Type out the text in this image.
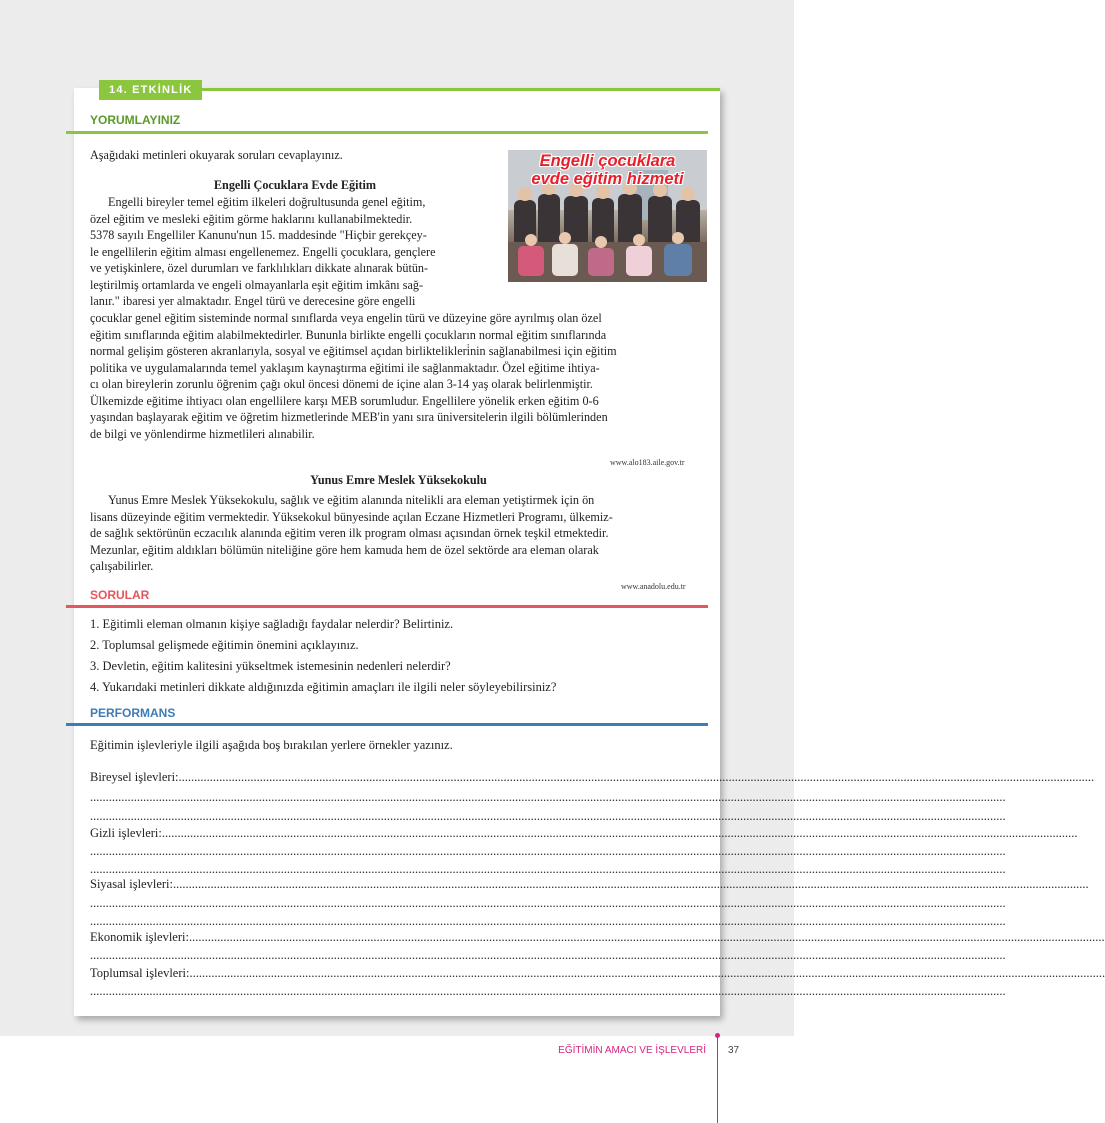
14. ETKİNLİK
YORUMLAYINIZ
Aşağıdaki metinleri okuyarak soruları cevaplayınız.	Engelli çocuklara
evde eğitim hizmeti
Engelli Çocuklara Evde Eğitim
Engelli bireyler temel eğitim ilkeleri doğrultusunda genel eğitim,
özel eğitim ve mesleki eğitim görme haklarını kullanabilmektedir.
5378 sayılı Engelliler Kanunu'nun 15. maddesinde "Hiçbir gerekçey-
le engellilerin eğitim alması engellenemez. Engelli çocuklara, gençlere
ve yetişkinlere, özel durumları ve farklılıkları dikkate alınarak bütün-
leştirilmiş ortamlarda ve engeli olmayanlarla eşit eğitim imkânı sağ-
lanır." ibaresi yer almaktadır. Engel türü ve derecesine göre engelli
çocuklar genel eğitim sisteminde normal sınıflarda veya engelin türü ve düzeyine göre ayrılmış olan özel
eğitim sınıflarında eğitim alabilmektedirler. Bununla birlikte engelli çocukların normal eğitim sınıflarında
normal gelişim gösteren akranlarıyla, sosyal ve eğitimsel açıdan birliktelikleri̇nin sağlanabilmesi için eğitim
politika ve uygulamalarında temel yaklaşım kaynaştırma eğitimi ile sağlanmaktadır. Özel eğitime ihtiya-
cı olan bireylerin zorunlu öğrenim çağı okul öncesi dönemi de içine alan 3-14 yaş olarak belirlenmiştir.
Ülkemizde eğitime ihtiyacı olan engellilere karşı MEB sorumludur. Engellilere yönelik erken eğitim 0-6
yaşından başlayarak eğitim ve öğretim hizmetlerinde MEB'in yanı sıra üniversitelerin ilgili bölümlerinden
de bilgi ve yönlendirme hizmetlileri alınabilir.
www.alo183.aile.gov.tr
Yunus Emre Meslek Yüksekokulu
Yunus Emre Meslek Yüksekokulu, sağlık ve eğitim alanında nitelikli ara eleman yetiştirmek için ön
lisans düzeyinde eğitim vermektedir. Yüksekokul bünyesinde açılan Eczane Hizmetleri Programı, ülkemiz-
de sağlık sektörünün eczacılık alanında eğitim veren ilk program olması açısından örnek teşkil etmektedir.
Mezunlar, eğitim aldıkları bölümün niteliğine göre hem kamuda hem de özel sektörde ara eleman olarak
çalışabilirler.
www.anadolu.edu.tr
SORULAR
1. Eğitimli eleman olmanın kişiye sağladığı faydalar nelerdir? Belirtiniz.
2. Toplumsal gelişmede eğitimin önemini açıklayınız.
3. Devletin, eğitim kalitesini yükseltmek istemesinin nedenleri nelerdir?
4. Yukarıdaki metinleri dikkate aldığınızda eğitimin amaçları ile ilgili neler söyleyebilirsiniz?
PERFORMANS
Eğitimin işlevleriyle ilgili aşağıda boş bırakılan yerlere örnekler yazınız.
Bireysel işlevleri:.....................................................................................................................................................................................................................................................................................................
.....................................................................................................................................................................................................................................................................................................
.....................................................................................................................................................................................................................................................................................................
Gizli işlevleri:.....................................................................................................................................................................................................................................................................................................
.....................................................................................................................................................................................................................................................................................................
.....................................................................................................................................................................................................................................................................................................
Siyasal işlevleri:.....................................................................................................................................................................................................................................................................................................
.....................................................................................................................................................................................................................................................................................................
.....................................................................................................................................................................................................................................................................................................
Ekonomik işlevleri:.....................................................................................................................................................................................................................................................................................................
.....................................................................................................................................................................................................................................................................................................
Toplumsal işlevleri:.....................................................................................................................................................................................................................................................................................................
.....................................................................................................................................................................................................................................................................................................
EĞİTİMİN AMACI VE İŞLEVLERİ 37
